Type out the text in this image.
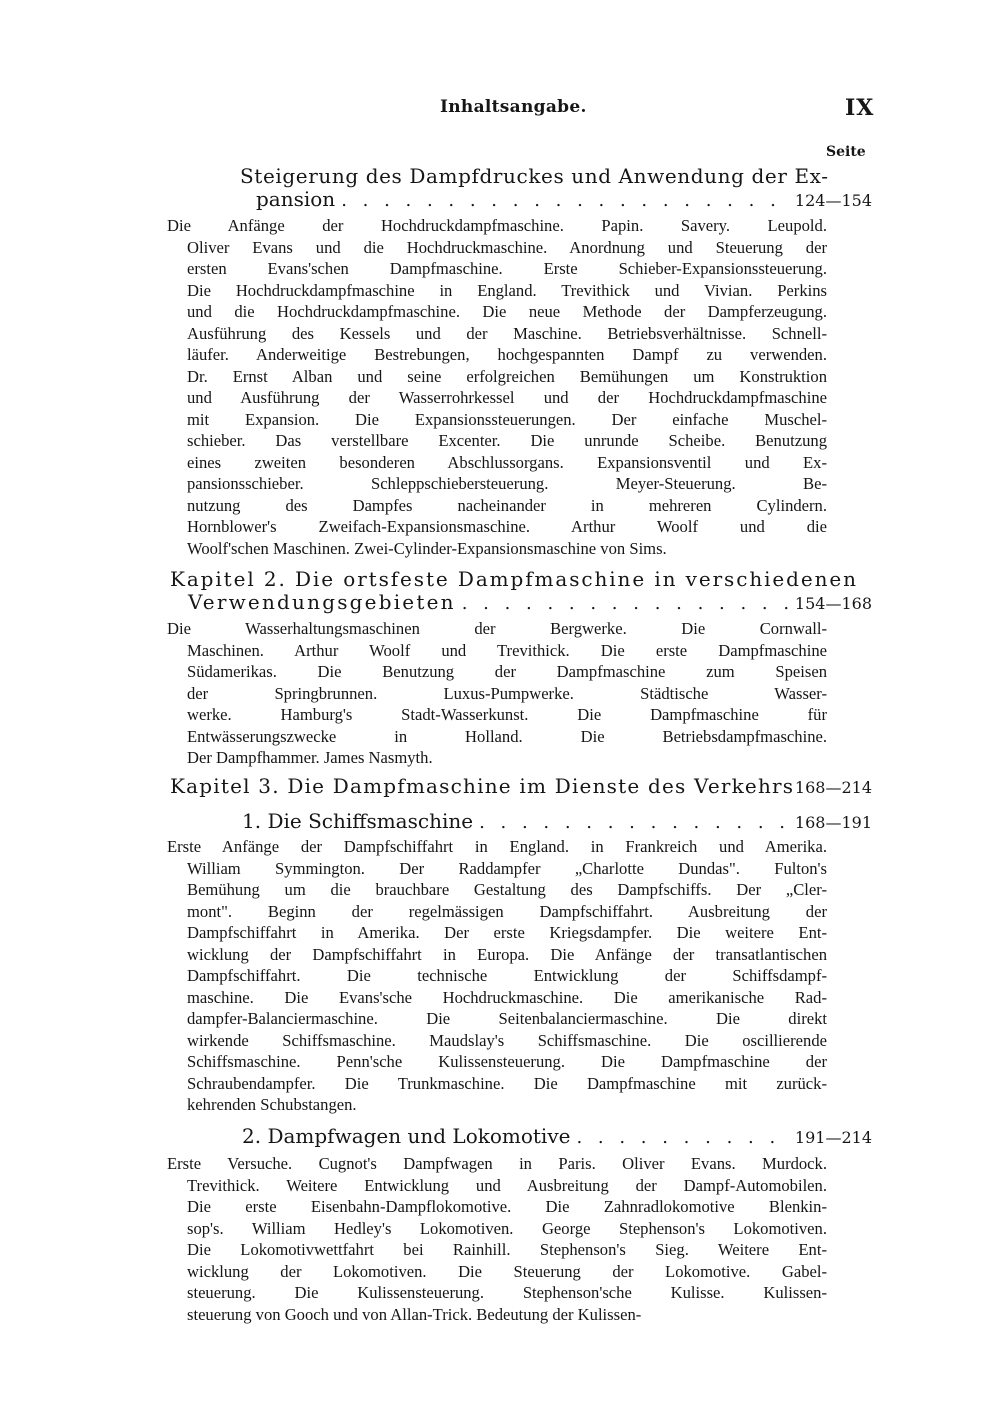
Inhaltsangabe.	IX
Seite
Steigerung des Dampfdruckes und Anwendung der Ex-
pansion . . .	124—154
Die Anfänge der Hochdruckdampfmaschine. Papin. Savery. Leupold.
Oliver Evans und die Hochdruckmaschine. Anordnung und Steuerung der
ersten Evans'schen Dampfmaschine. Erste Schieber-Expansionssteuerung.
Die Hochdruckdampfmaschine in England. Trevithick und Vivian. Perkins
und die Hochdruckdampfmaschine. Die neue Methode der Dampferzeugung.
Ausführung des Kessels und der Maschine. Betriebsverhältnisse. Schnell-
läufer. Anderweitige Bestrebungen, hochgespannten Dampf zu verwenden.
Dr. Ernst Alban und seine erfolgreichen Bemühungen um Konstruktion
und Ausführung der Wasserrohrkessel und der Hochdruckdampfmaschine
mit Expansion. Die Expansionssteuerungen. Der einfache Muschel-
schieber. Das verstellbare Excenter. Die unrunde Scheibe. Benutzung
eines zweiten besonderen Abschlussorgans. Expansionsventil und Ex-
pansionsschieber. Schleppschiebersteuerung. Meyer-Steuerung. Be-
nutzung des Dampfes nacheinander in mehreren Cylindern.
Hornblower's Zweifach-Expansionsmaschine. Arthur Woolf und die
Woolf'schen Maschinen. Zwei-Cylinder-Expansionsmaschine von Sims.
Kapitel 2. Die ortsfeste Dampfmaschine in verschiedenen
Verwendungsgebieten . . .	154—168
Die Wasserhaltungsmaschinen der Bergwerke. Die Cornwall-
Maschinen. Arthur Woolf und Trevithick. Die erste Dampfmaschine
Südamerikas. Die Benutzung der Dampfmaschine zum Speisen
der Springbrunnen. Luxus-Pumpwerke. Städtische Wasser-
werke. Hamburg's Stadt-Wasserkunst. Die Dampfmaschine für
Entwässerungszwecke in Holland. Die Betriebsdampfmaschine.
Der Dampfhammer. James Nasmyth.
Kapitel 3. Die Dampfmaschine im Dienste des Verkehrs 168—214
1. Die Schiffsmaschine . . .	168—191
Erste Anfänge der Dampfschiffahrt in England. in Frankreich und Amerika.
William Symmington. Der Raddampfer „Charlotte Dundas". Fulton's
Bemühung um die brauchbare Gestaltung des Dampfschiffs. Der „Cler-
mont". Beginn der regelmässigen Dampfschiffahrt. Ausbreitung der
Dampfschiffahrt in Amerika. Der erste Kriegsdampfer. Die weitere Ent-
wicklung der Dampfschiffahrt in Europa. Die Anfänge der transatlantischen
Dampfschiffahrt. Die technische Entwicklung der Schiffsdampf-
maschine. Die Evans'sche Hochdruckmaschine. Die amerikanische Rad-
dampfer-Balanciermaschine. Die Seitenbalanciermaschine. Die direkt
wirkende Schiffsmaschine. Maudslay's Schiffsmaschine. Die oscillierende
Schiffsmaschine. Penn'sche Kulissensteuerung. Die Dampfmaschine der
Schraubendampfer. Die Trunkmaschine. Die Dampfmaschine mit zurück-
kehrenden Schubstangen.
2. Dampfwagen und Lokomotive . . .	191—214
Erste Versuche. Cugnot's Dampfwagen in Paris. Oliver Evans. Murdock.
Trevithick. Weitere Entwicklung und Ausbreitung der Dampf-Automobilen.
Die erste Eisenbahn-Dampflokomotive. Die Zahnradlokomotive Blenkin-
sop's. William Hedley's Lokomotiven. George Stephenson's Lokomotiven.
Die Lokomotivwettfahrt bei Rainhill. Stephenson's Sieg. Weitere Ent-
wicklung der Lokomotiven. Die Steuerung der Lokomotive. Gabel-
steuerung. Die Kulissensteuerung. Stephenson'sche Kulisse. Kulissen-
steuerung von Gooch und von Allan-Trick. Bedeutung der Kulissen-
